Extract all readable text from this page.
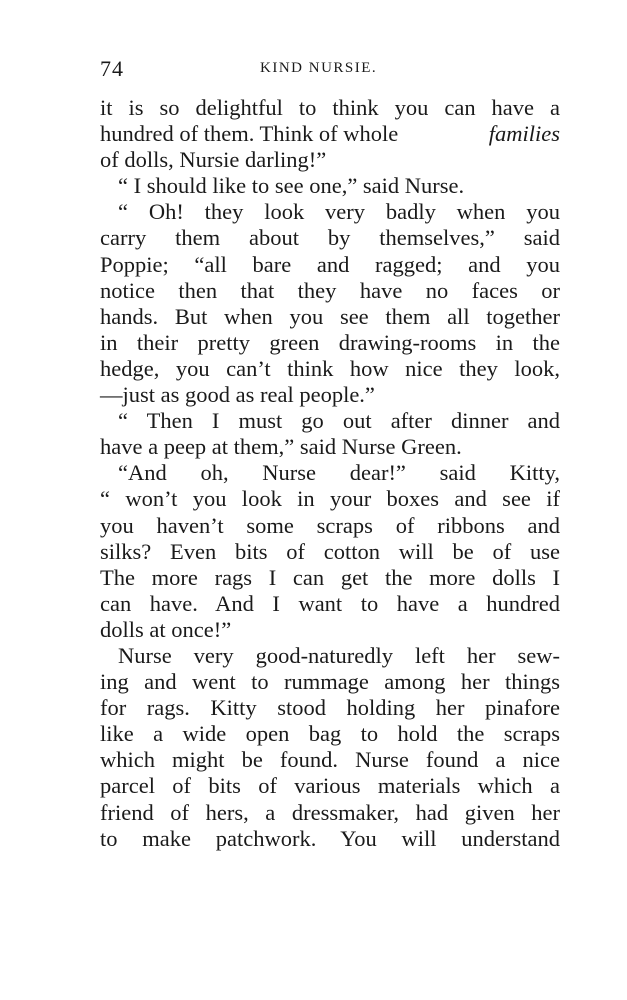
74	KIND NURSIE.
it is so delightful to think you can have a
hundred of them. Think of whole	families
of dolls, Nursie darling!”
“ I should like to see one,” said Nurse.
“ Oh! they look very badly when you
carry them about by themselves,” said
Poppie; “all bare and ragged; and you
notice then that they have no faces or
hands. But when you see them all together
in their pretty green drawing-rooms in the
hedge, you can’t think how nice they look,
—just as good as real people.”
“ Then I must go out after dinner and
have a peep at them,” said Nurse Green.
“And oh, Nurse dear!” said Kitty,
“ won’t you look in your boxes and see if
you haven’t some scraps of ribbons and
silks? Even bits of cotton will be of use
The more rags I can get the more dolls I
can have. And I want to have a hundred
dolls at once!”
Nurse very good-naturedly left her sew-
ing and went to rummage among her things
for rags. Kitty stood holding her pinafore
like a wide open bag to hold the scraps
which might be found. Nurse found a nice
parcel of bits of various materials which a
friend of hers, a dressmaker, had given her
to make patchwork. You will understand
